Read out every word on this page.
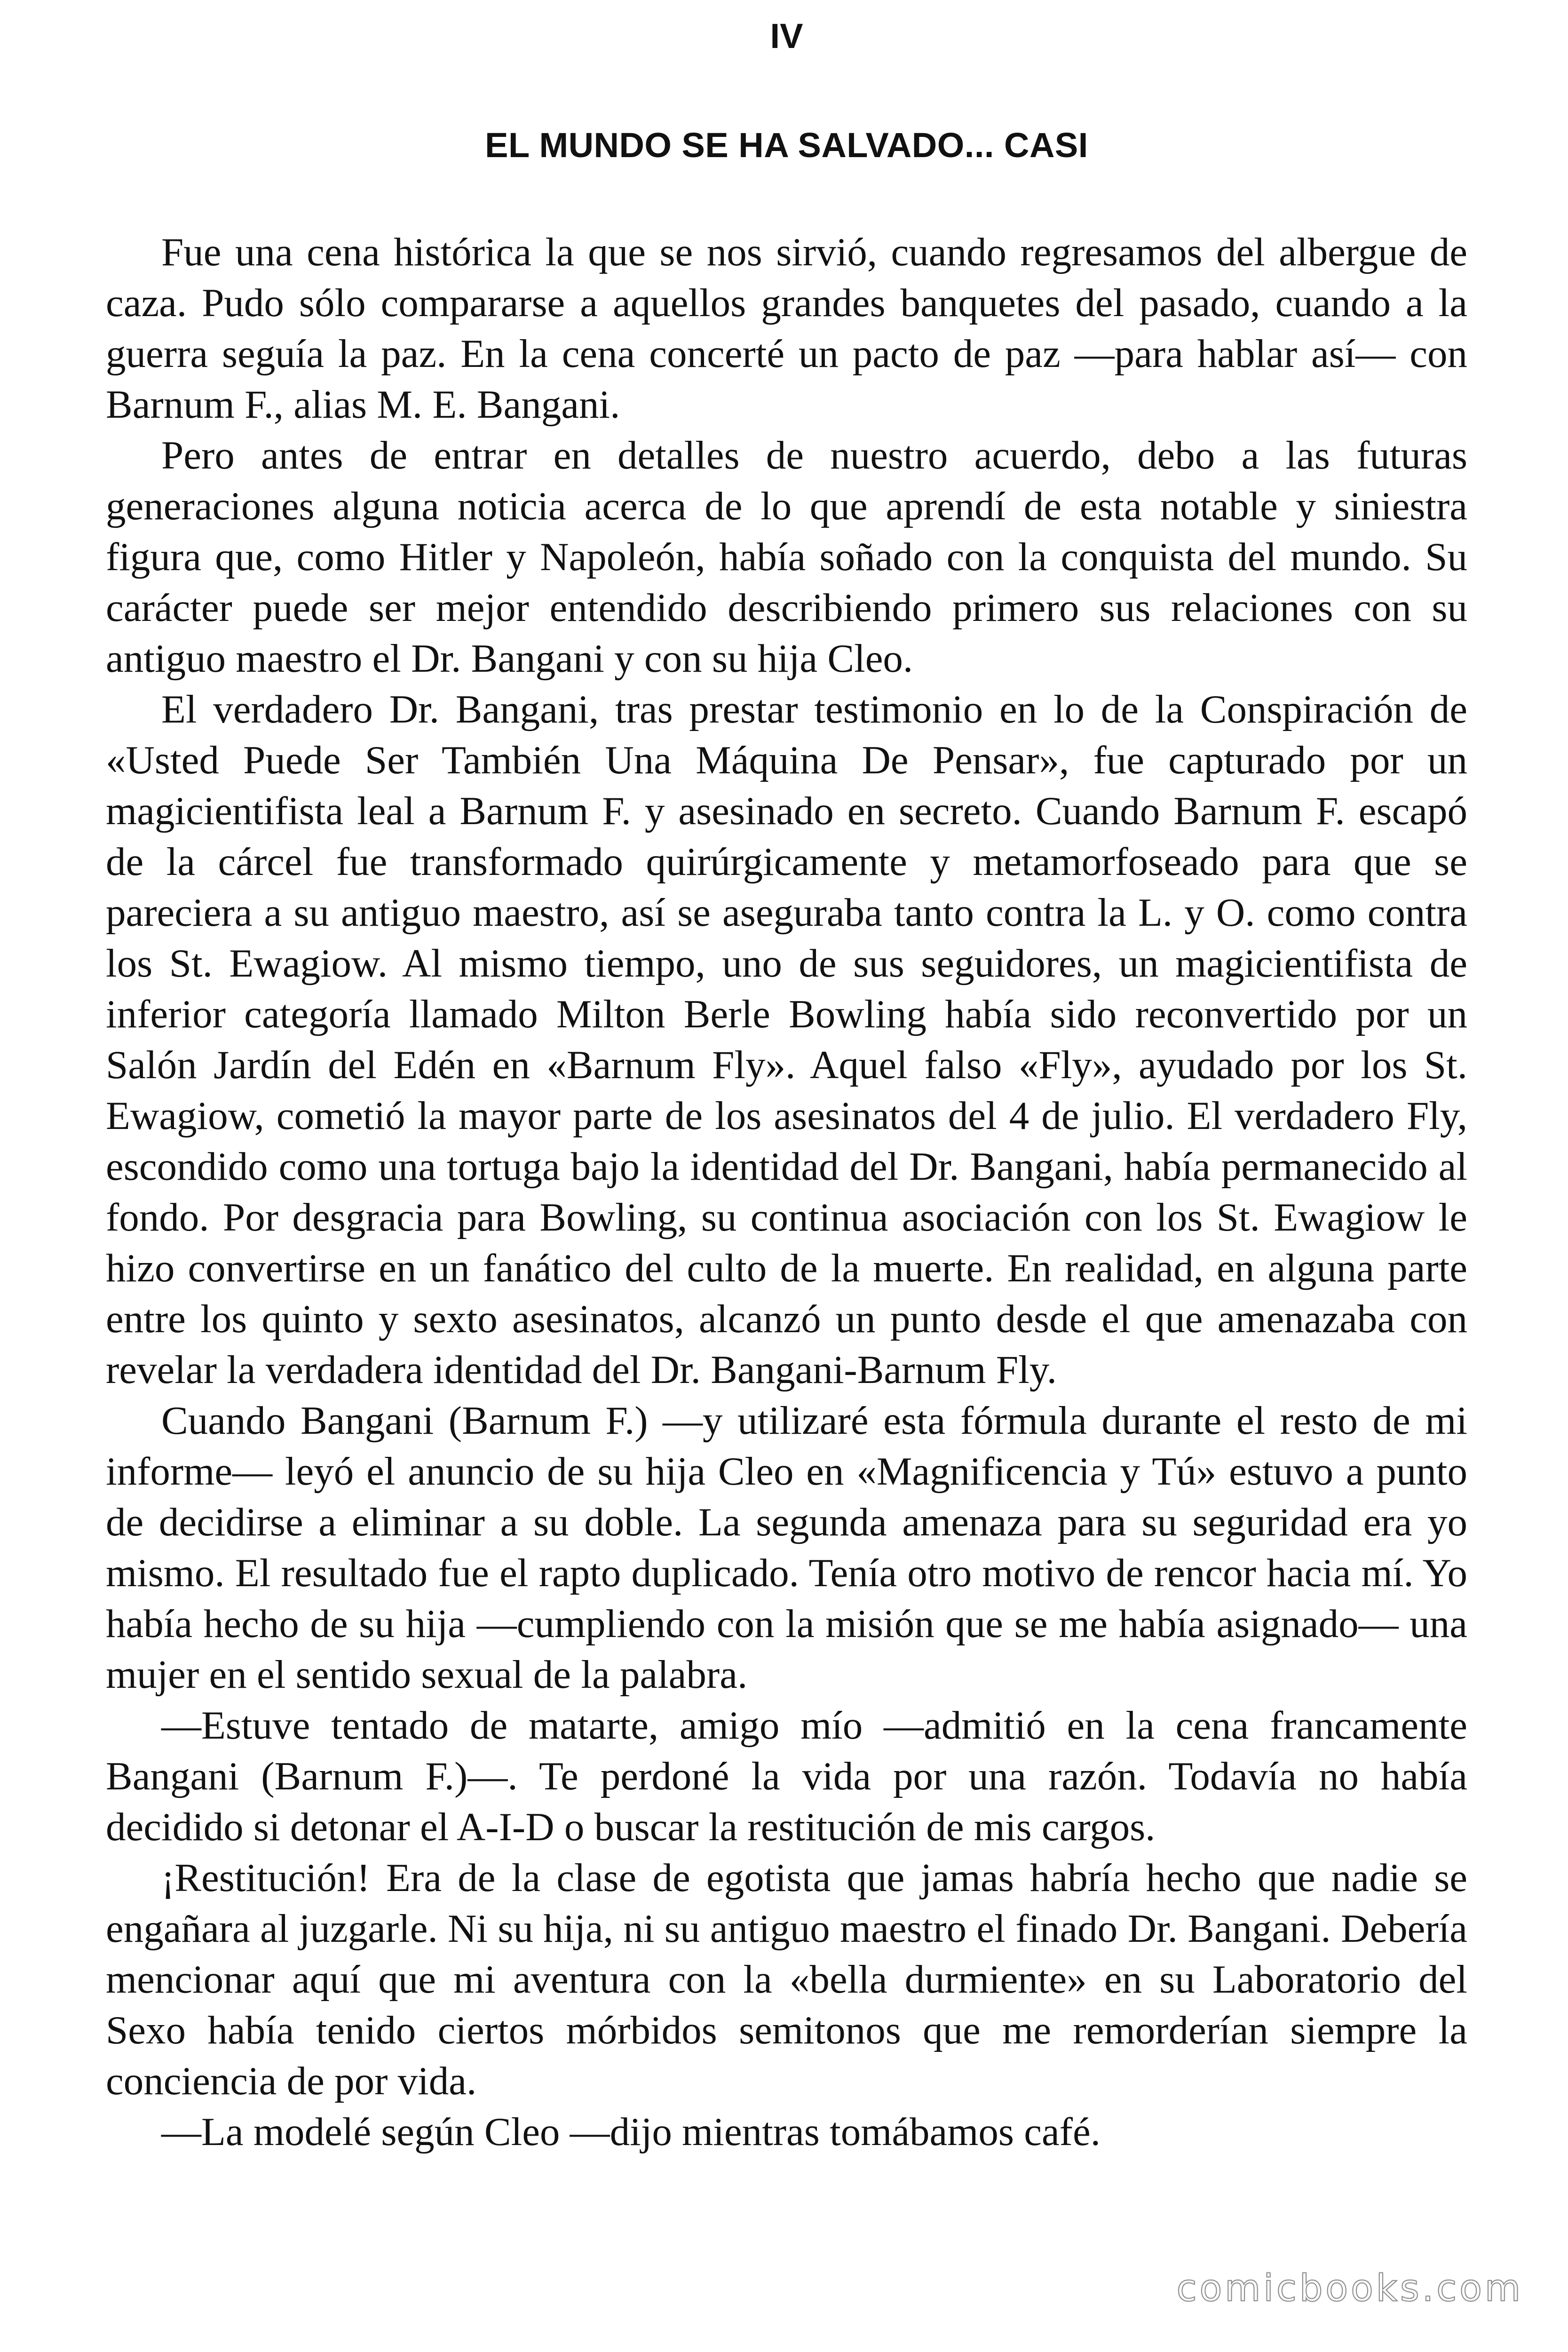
IV
EL MUNDO SE HA SALVADO... CASI

Fue una cena histórica la que se nos sirvió, cuando regresamos del albergue de caza. Pudo sólo compararse a aquellos grandes banquetes del pasado, cuando a la guerra seguía la paz. En la cena concerté un pacto de paz —para hablar así— con Barnum F., alias M. E. Bangani.

Pero antes de entrar en detalles de nuestro acuerdo, debo a las futuras generaciones alguna noticia acerca de lo que aprendí de esta notable y siniestra figura que, como Hitler y Napoleón, había soñado con la conquista del mundo. Su carácter puede ser mejor entendido describiendo primero sus relaciones con su antiguo maestro el Dr. Bangani y con su hija Cleo.

El verdadero Dr. Bangani, tras prestar testimonio en lo de la Conspiración de «Usted Puede Ser También Una Máquina De Pensar», fue capturado por un magicientifista leal a Barnum F. y asesinado en secreto. Cuando Barnum F. escapó de la cárcel fue transformado quirúrgicamente y metamorfoseado para que se pareciera a su antiguo maestro, así se aseguraba tanto contra la L. y O. como contra los St. Ewagiow. Al mismo tiempo, uno de sus seguidores, un magicientifista de inferior categoría llamado Milton Berle Bowling había sido reconvertido por un Salón Jardín del Edén en «Barnum Fly». Aquel falso «Fly», ayudado por los St. Ewagiow, cometió la mayor parte de los asesinatos del 4 de julio. El verdadero Fly, escondido como una tortuga bajo la identidad del Dr. Bangani, había permanecido al fondo. Por desgracia para Bowling, su continua asociación con los St. Ewagiow le hizo convertirse en un fanático del culto de la muerte. En realidad, en alguna parte entre los quinto y sexto asesinatos, alcanzó un punto desde el que amenazaba con revelar la verdadera identidad del Dr. Bangani-Barnum Fly.

Cuando Bangani (Barnum F.) —y utilizaré esta fórmula durante el resto de mi informe— leyó el anuncio de su hija Cleo en «Magnificencia y Tú» estuvo a punto de decidirse a eliminar a su doble. La segunda amenaza para su seguridad era yo mismo. El resultado fue el rapto duplicado. Tenía otro motivo de rencor hacia mí. Yo había hecho de su hija —cumpliendo con la misión que se me había asignado— una mujer en el sentido sexual de la palabra.

—Estuve tentado de matarte, amigo mío —admitió en la cena francamente Bangani (Barnum F.)—. Te perdoné la vida por una razón. Todavía no había decidido si detonar el A-I-D o buscar la restitución de mis cargos.

¡Restitución! Era de la clase de egotista que jamas habría hecho que nadie se engañara al juzgarle. Ni su hija, ni su antiguo maestro el finado Dr. Bangani. Debería mencionar aquí que mi aventura con la «bella durmiente» en su Laboratorio del Sexo había tenido ciertos mórbidos semitonos que me remorderían siempre la conciencia de por vida.

—La modelé según Cleo —dijo mientras tomábamos café.

comicbooks.com
